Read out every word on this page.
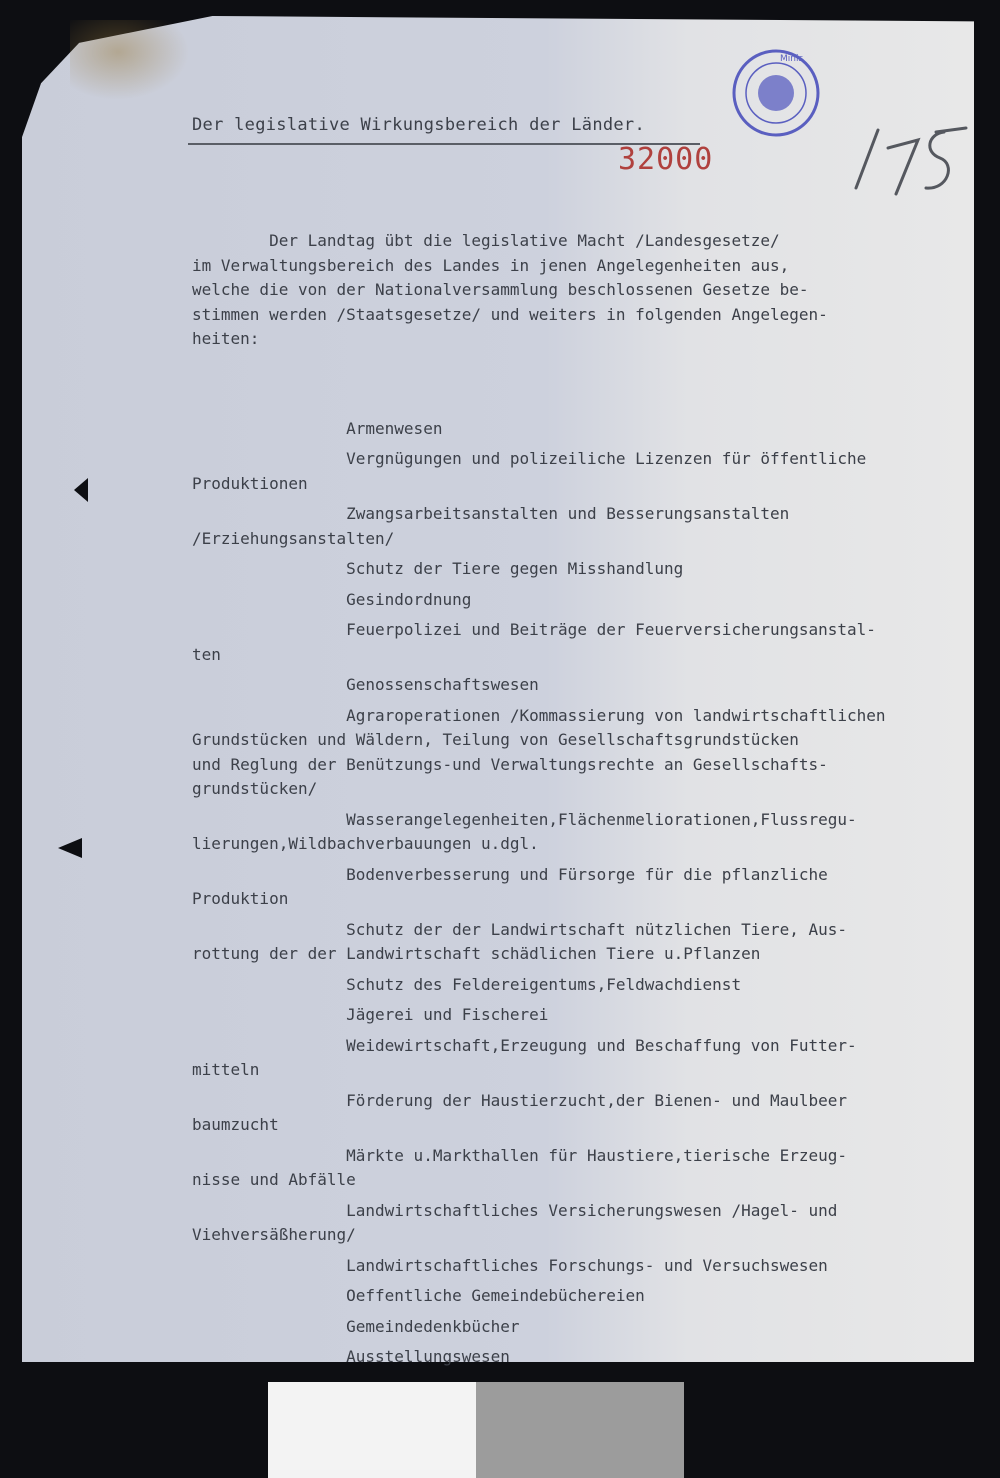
Der legislative Wirkungsbereich der Länder.
32000
Minis

Der Landtag übt die legislative Macht /Landesgesetze/
im Verwaltungsbereich des Landes in jenen Angelegenheiten aus,
welche die von der Nationalversammlung beschlossenen Gesetze be-
stimmen werden /Staatsgesetze/ und weiters in folgenden Angelegen-
heiten:

Armenwesen
Vergnügungen und polizeiliche Lizenzen für öffentliche
Produktionen
Zwangsarbeitsanstalten und Besserungsanstalten
/Erziehungsanstalten/
Schutz der Tiere gegen Misshandlung
Gesindordnung
Feuerpolizei und Beiträge der Feuerversicherungsanstal-
ten
Genossenschaftswesen
Agraroperationen /Kommassierung von landwirtschaftlichen
Grundstücken und Wäldern, Teilung von Gesellschaftsgrundstücken
und Reglung der Benützungs-und Verwaltungsrechte an Gesellschafts-
grundstücken/
Wasserangelegenheiten,Flächenmeliorationen,Flussregu-
lierungen,Wildbachverbauungen u.dgl.
Bodenverbesserung und Fürsorge für die pflanzliche
Produktion
Schutz der der Landwirtschaft nützlichen Tiere, Aus-
rottung der der Landwirtschaft schädlichen Tiere u.Pflanzen
Schutz des Feldereigentums,Feldwachdienst
Jägerei und Fischerei
Weidewirtschaft,Erzeugung und Beschaffung von Futter-
mitteln
Förderung der Haustierzucht,der Bienen- und Maulbeer
baumzucht
Märkte u.Markthallen für Haustiere,tierische Erzeug-
nisse und Abfälle
Landwirtschaftliches Versicherungswesen /Hagel- und
Viehversäßherung/
Landwirtschaftliches Forschungs- und Versuchswesen
Oeffentliche Gemeindebüchereien
Gemeindedenkbücher
Ausstellungswesen
